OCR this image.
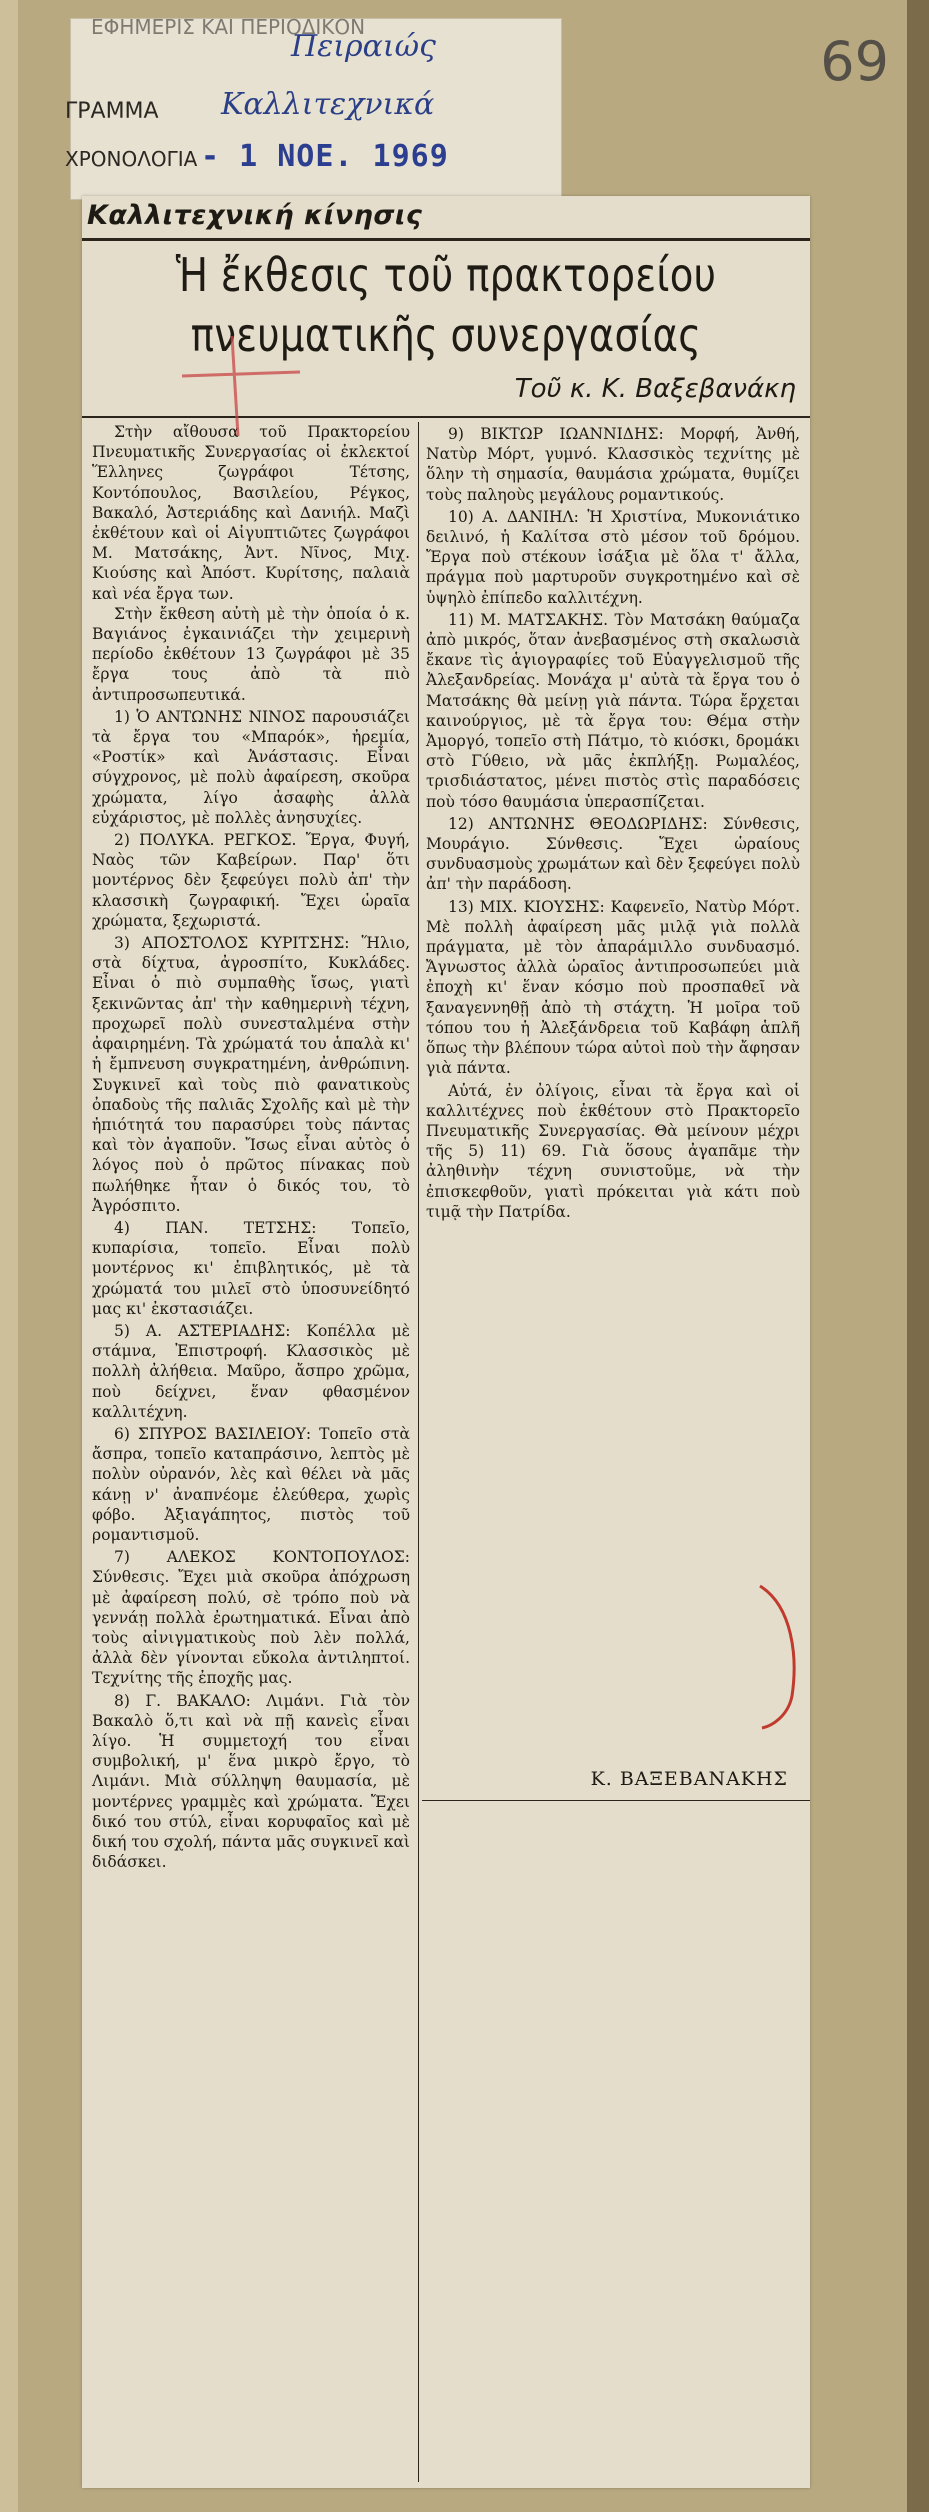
69
ΕΦΗΜΕΡΙΣ ΚΑΙ ΠΕΡΙΟΔΙΚΟΝ
Πειραιώς
ΓΡΑΜΜΑ Καλλιτεχνικά
ΧΡΟΝΟΛΟΓΙΑ - 1 ΝΟΕ. 1969
Καλλιτεχνική κίνησις
Ἡ ἔκθεσις τοῦ πρακτορείου
πνευματικῆς συνεργασίας
Τοῦ κ. Κ. Βαξεβανάκη

Στὴν αἴθουσα τοῦ Πρακτορείου Πνευματικῆς Συνεργασίας οἱ ἐκλεκτοί Ἕλληνες ζωγράφοι Τέτσης, Κοντόπουλος, Βασιλείου, Ρέγκος, Βακαλό, Ἀστεριάδης καὶ Δανιήλ. Μαζὶ ἐκθέτουν καὶ οἱ Αἰγυπτιῶτες ζωγράφοι Μ. Ματσάκης, Ἀντ. Νῖνος, Μιχ. Κιούσης καὶ Ἀπόστ. Κυρίτσης, παλαιὰ καὶ νέα ἔργα των.

Στὴν ἔκθεση αὐτὴ μὲ τὴν ὁποία ὁ κ. Βαγιάνος ἐγκαινιάζει τὴν χειμερινὴ περίοδο ἐκθέτουν 13 ζωγράφοι μὲ 35 ἔργα τους ἀπὸ τὰ πιὸ ἀντιπροσωπευτικά.

1) Ὁ ΑΝΤΩΝΗΣ ΝΙΝΟΣ παρουσιάζει τὰ ἔργα του «Μπαρόκ», ἠρεμία, «Ροστίκ» καὶ Ἀνάστασις. Εἶναι σύγχρονος, μὲ πολὺ ἀφαίρεση, σκοῦρα χρώματα, λίγο ἀσαφὴς ἀλλὰ εὐχάριστος, μὲ πολλὲς ἀνησυχίες.

2) ΠΟΛΥΚΑ. ΡΕΓΚΟΣ. Ἔργα, Φυγή, Ναὸς τῶν Καβείρων. Παρ' ὅτι μοντέρνος δὲν ξεφεύγει πολὺ ἀπ' τὴν κλασσικὴ ζωγραφική. Ἔχει ὡραῖα χρώματα, ξεχωριστά.

3) ΑΠΟΣΤΟΛΟΣ ΚΥΡΙΤΣΗΣ: Ἥλιο, στὰ δίχτυα, ἀγροσπίτο, Κυκλάδες. Εἶναι ὁ πιὸ συμπαθὴς ἴσως, γιατὶ ξεκινῶντας ἀπ' τὴν καθημερινὴ τέχνη, προχωρεῖ πολὺ συνεσταλμένα στὴν ἀφαιρημένη. Τὰ χρώματά του ἁπαλὰ κι' ἡ ἔμπνευση συγκρατημένη, ἀνθρώπινη. Συγκινεῖ καὶ τοὺς πιὸ φανατικοὺς ὀπαδοὺς τῆς παλιᾶς Σχολῆς καὶ μὲ τὴν ἠπιότητά του παρασύρει τοὺς πάντας καὶ τὸν ἀγαποῦν. Ἴσως εἶναι αὐτὸς ὁ λόγος ποὺ ὁ πρῶτος πίνακας ποὺ πωλήθηκε ἦταν ὁ δικός του, τὸ Ἀγρόσπιτο.

4) ΠΑΝ. ΤΕΤΣΗΣ: Τοπεῖο, κυπαρίσια, τοπεῖο. Εἶναι πολὺ μοντέρνος κι' ἐπιβλητικός, μὲ τὰ χρώματά του μιλεῖ στὸ ὑποσυνείδητό μας κι' ἐκστασιάζει.

5) Α. ΑΣΤΕΡΙΑΔΗΣ: Κοπέλλα μὲ στάμνα, Ἐπιστροφή. Κλασσικὸς μὲ πολλὴ ἀλήθεια. Μαῦρο, ἄσπρο χρῶμα, ποὺ δείχνει, ἕναν φθασμένον καλλιτέχνη.

6) ΣΠΥΡΟΣ ΒΑΣΙΛΕΙΟΥ: Τοπεῖο στὰ ἄσπρα, τοπεῖο καταπράσινο, λεπτὸς μὲ πολὺν οὐρανόν, λὲς καὶ θέλει νὰ μᾶς κάνῃ ν' ἀναπνέομε ἐλεύθερα, χωρὶς φόβο. Ἀξιαγάπητος, πιστὸς τοῦ ρομαντισμοῦ.

7) ΑΛΕΚΟΣ ΚΟΝΤΟΠΟΥΛΟΣ: Σύνθεσις. Ἔχει μιὰ σκοῦρα ἀπόχρωση μὲ ἀφαίρεση πολύ, σὲ τρόπο ποὺ νὰ γεννάῃ πολλὰ ἐρωτηματικά. Εἶναι ἀπὸ τοὺς αἰνιγματικοὺς ποὺ λὲν πολλά, ἀλλὰ δὲν γίνονται εὔκολα ἀντιληπτοί. Τεχνίτης τῆς ἐποχῆς μας.

8) Γ. ΒΑΚΑΛΟ: Λιμάνι. Γιὰ τὸν Βακαλὸ ὅ,τι καὶ νὰ πῇ κανεὶς εἶναι λίγο. Ἡ συμμετοχή του εἶναι συμβολική, μ' ἕνα μικρὸ ἔργο, τὸ Λιμάνι. Μιὰ σύλληψη θαυμασία, μὲ μοντέρνες γραμμὲς καὶ χρώματα. Ἔχει δικό του στύλ, εἶναι κορυφαῖος καὶ μὲ δική του σχολή, πάντα μᾶς συγκινεῖ καὶ διδάσκει.

9) ΒΙΚΤΩΡ ΙΩΑΝΝΙΔΗΣ: Μορφή, Ἀνθή, Νατὺρ Μόρτ, γυμνό. Κλασσικὸς τεχνίτης μὲ ὅλην τὴ σημασία, θαυμάσια χρώματα, θυμίζει τοὺς παληοὺς μεγάλους ρομαντικούς.

10) Α. ΔΑΝΙΗΛ: Ἡ Χριστίνα, Μυκονιάτικο δειλινό, ἡ Καλίτσα στὸ μέσον τοῦ δρόμου. Ἔργα ποὺ στέκουν ἰσάξια μὲ ὅλα τ' ἄλλα, πράγμα ποὺ μαρτυροῦν συγκροτημένο καὶ σὲ ὑψηλὸ ἐπίπεδο καλλιτέχνη.

11) Μ. ΜΑΤΣΑΚΗΣ. Τὸν Ματσάκη θαύμαζα ἀπὸ μικρός, ὅταν ἀνεβασμένος στὴ σκαλωσιὰ ἔκανε τὶς ἁγιογραφίες τοῦ Εὐαγγελισμοῦ τῆς Ἀλεξανδρείας. Μονάχα μ' αὐτὰ τὰ ἔργα του ὁ Ματσάκης θὰ μείνῃ γιὰ πάντα. Τώρα ἔρχεται καινούργιος, μὲ τὰ ἔργα του: Θέμα στὴν Ἀμοργό, τοπεῖο στὴ Πάτμο, τὸ κιόσκι, δρομάκι στὸ Γύθειο, νὰ μᾶς ἐκπλήξῃ. Ρωμαλέος, τρισδιάστατος, μένει πιστὸς στὶς παραδόσεις ποὺ τόσο θαυμάσια ὑπερασπίζεται.

12) ΑΝΤΩΝΗΣ ΘΕΟΔΩΡΙΔΗΣ: Σύνθεσις, Μουράγιο. Σύνθεσις. Ἔχει ὡραίους συνδυασμοὺς χρωμάτων καὶ δὲν ξεφεύγει πολὺ ἀπ' τὴν παράδοση.

13) ΜΙΧ. ΚΙΟΥΣΗΣ: Καφενεῖο, Νατὺρ Μόρτ. Μὲ πολλὴ ἀφαίρεση μᾶς μιλᾷ γιὰ πολλὰ πράγματα, μὲ τὸν ἀπαράμιλλο συνδυασμό. Ἄγνωστος ἀλλὰ ὡραῖος ἀντιπροσωπεύει μιὰ ἐποχὴ κι' ἕναν κόσμο ποὺ προσπαθεῖ νὰ ξαναγεννηθῇ ἀπὸ τὴ στάχτη. Ἡ μοῖρα τοῦ τόπου του ἡ Ἀλεξάνδρεια τοῦ Καβάφη ἁπλῆ ὅπως τὴν βλέπουν τώρα αὐτοὶ ποὺ τὴν ἄφησαν γιὰ πάντα.

Αὐτά, ἐν ὀλίγοις, εἶναι τὰ ἔργα καὶ οἱ καλλιτέχνες ποὺ ἐκθέτουν στὸ Πρακτορεῖο Πνευματικῆς Συνεργασίας. Θὰ μείνουν μέχρι τῆς 5) 11) 69. Γιὰ ὅσους ἀγαπᾶμε τὴν ἀληθινὴν τέχνη συνιστοῦμε, νὰ τὴν ἐπισκεφθοῦν, γιατὶ πρόκειται γιὰ κάτι ποὺ τιμᾷ τὴν Πατρίδα.

Κ. ΒΑΞΕΒΑΝΑΚΗΣ
